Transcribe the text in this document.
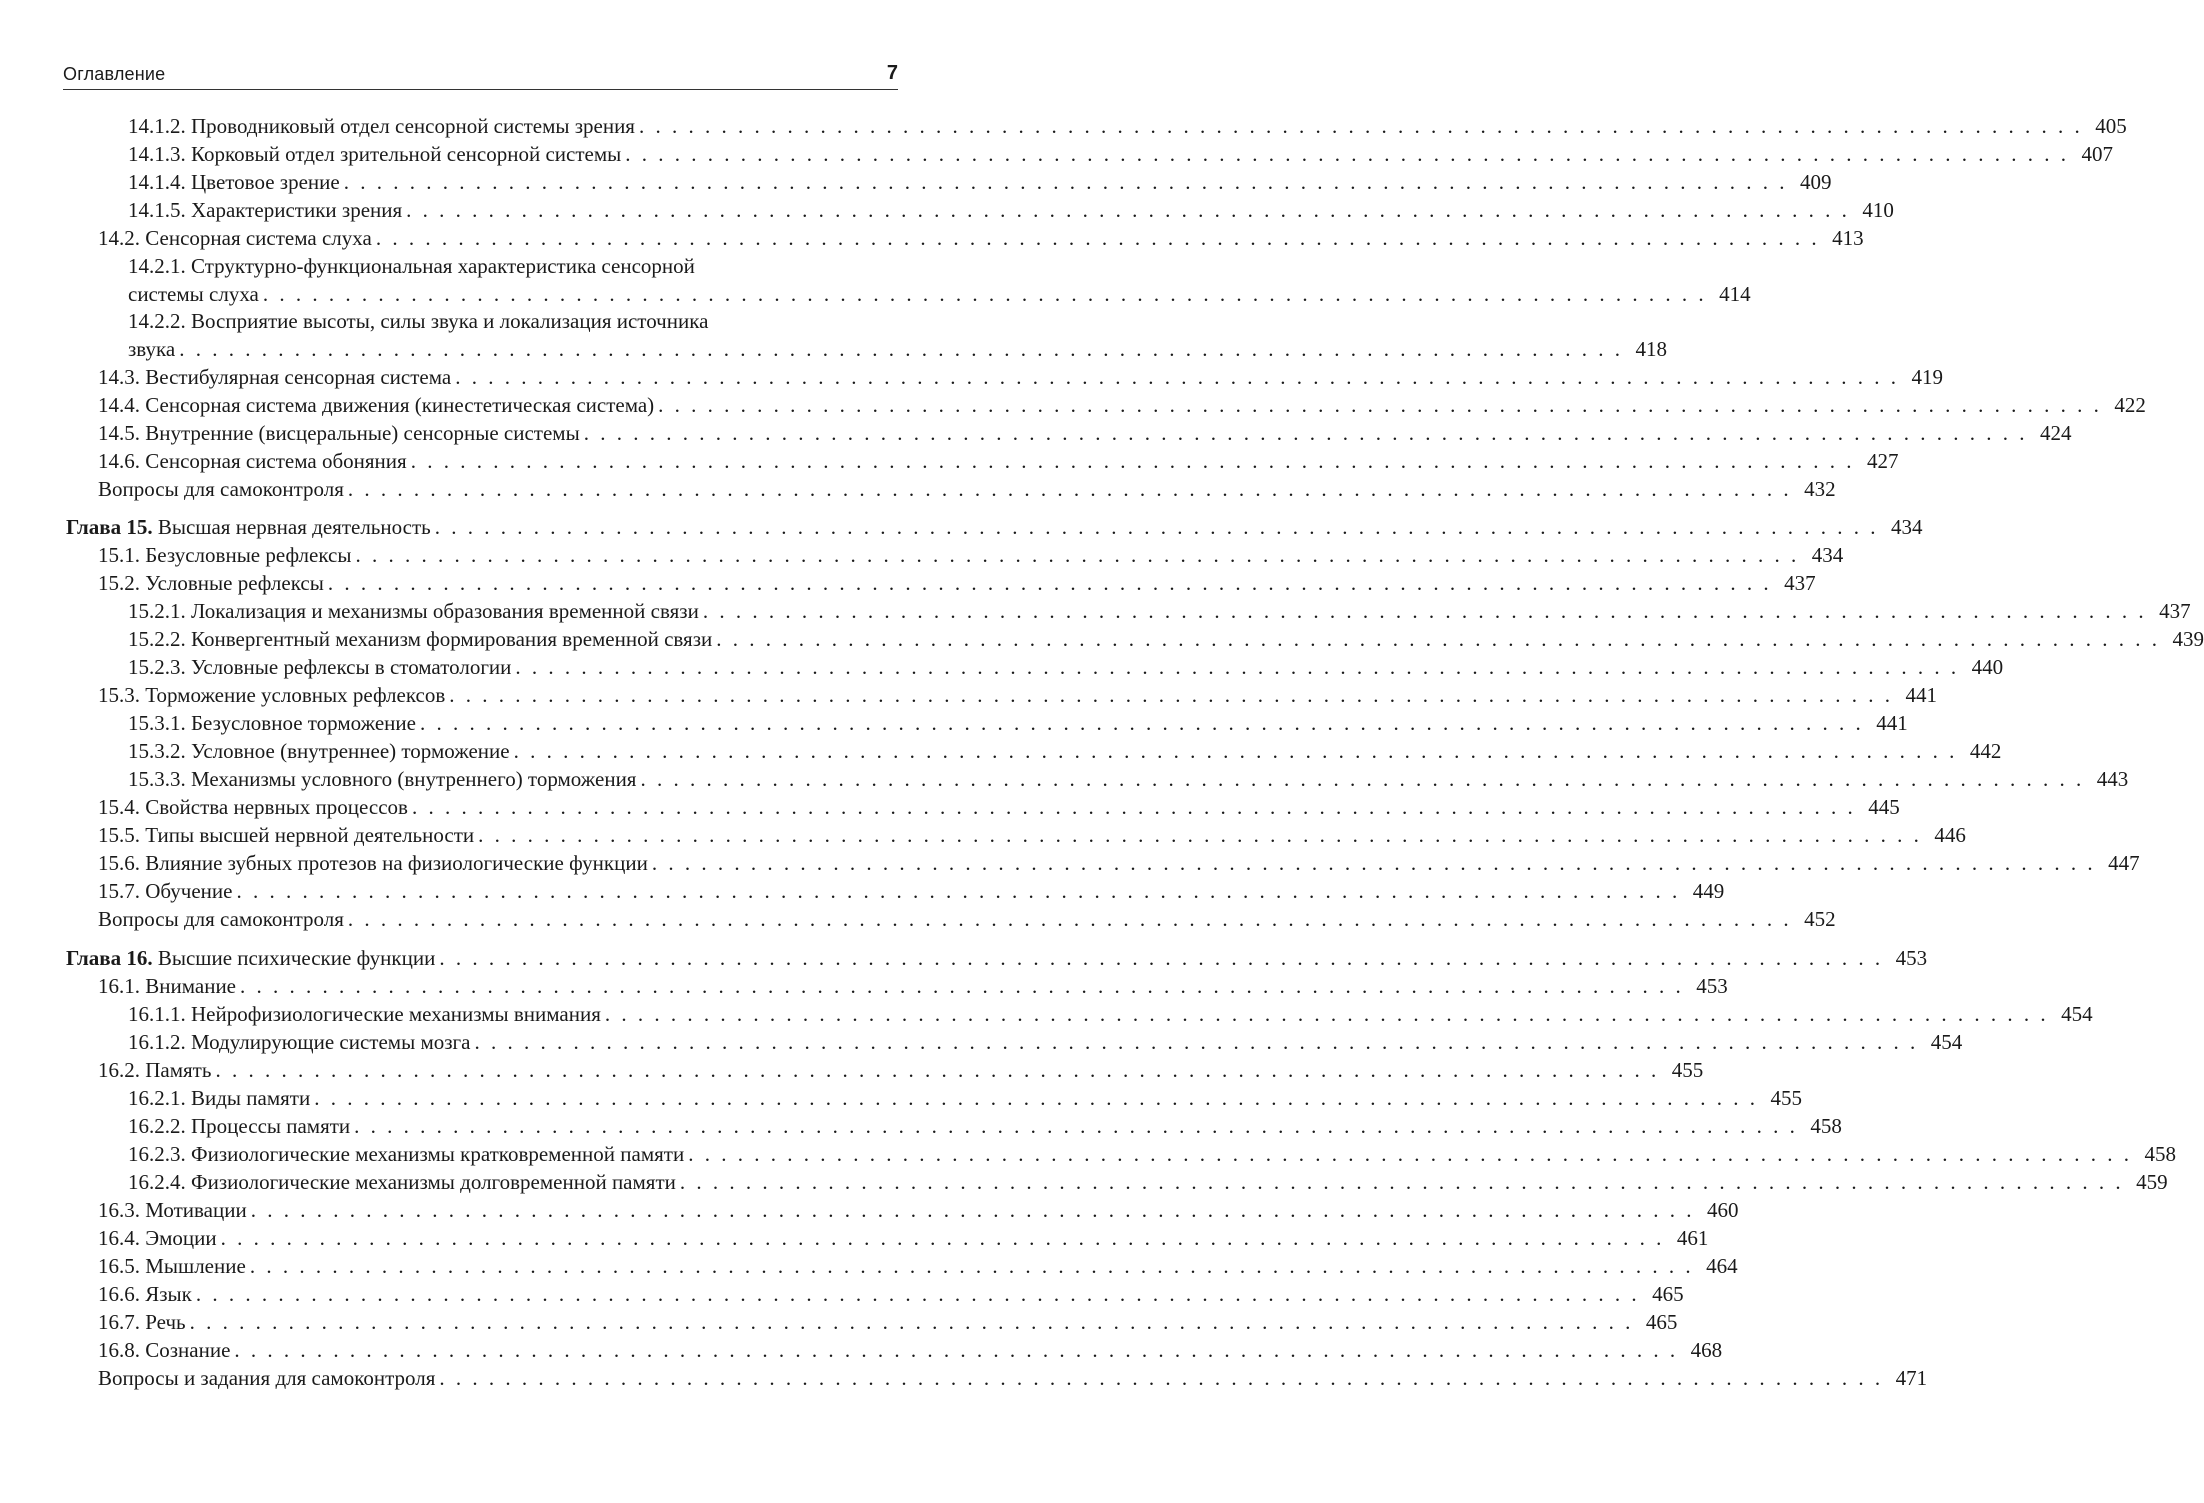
Оглавление	7
14.1.2. Проводниковый отдел сенсорной системы зрения . . . . . . . . . . . . . . . . . . . . . . . . . . . . . . . . . . . . . . . . . . . . . . . . . . . . . . . . . . . . . . . . . . . . . . . . . . . . . . . . . . . . . . . . 405
14.1.3. Корковый отдел зрительной сенсорной системы . . . . . . . . . . . . . . . . . . . . . . . . . . . . . . . . . . . . . . . . . . . . . . . . . . . . . . . . . . . . . . . . . . . . . . . . . . . . . . . . . . . . . . . . 407
14.1.4. Цветовое зрение . . . . . . . . . . . . . . . . . . . . . . . . . . . . . . . . . . . . . . . . . . . . . . . . . . . . . . . . . . . . . . . . . . . . . . . . . . . . . . . . . . . . . . . . 409
14.1.5. Характеристики зрения . . . . . . . . . . . . . . . . . . . . . . . . . . . . . . . . . . . . . . . . . . . . . . . . . . . . . . . . . . . . . . . . . . . . . . . . . . . . . . . . . . . . . . . . 410
14.2. Сенсорная система слуха . . . . . . . . . . . . . . . . . . . . . . . . . . . . . . . . . . . . . . . . . . . . . . . . . . . . . . . . . . . . . . . . . . . . . . . . . . . . . . . . . . . . . . . . 413
14.2.1. Структурно-функциональная характеристика сенсорной
системы слуха . . . . . . . . . . . . . . . . . . . . . . . . . . . . . . . . . . . . . . . . . . . . . . . . . . . . . . . . . . . . . . . . . . . . . . . . . . . . . . . . . . . . . . . . 414
14.2.2. Восприятие высоты, силы звука и локализация источника
звука . . . . . . . . . . . . . . . . . . . . . . . . . . . . . . . . . . . . . . . . . . . . . . . . . . . . . . . . . . . . . . . . . . . . . . . . . . . . . . . . . . . . . . . . 418
14.3. Вестибулярная сенсорная система . . . . . . . . . . . . . . . . . . . . . . . . . . . . . . . . . . . . . . . . . . . . . . . . . . . . . . . . . . . . . . . . . . . . . . . . . . . . . . . . . . . . . . . . 419
14.4. Сенсорная система движения (кинестетическая система) . . . . . . . . . . . . . . . . . . . . . . . . . . . . . . . . . . . . . . . . . . . . . . . . . . . . . . . . . . . . . . . . . . . . . . . . . . . . . . . . . . . . . . . . 422
14.5. Внутренние (висцеральные) сенсорные системы . . . . . . . . . . . . . . . . . . . . . . . . . . . . . . . . . . . . . . . . . . . . . . . . . . . . . . . . . . . . . . . . . . . . . . . . . . . . . . . . . . . . . . . . 424
14.6. Сенсорная система обоняния . . . . . . . . . . . . . . . . . . . . . . . . . . . . . . . . . . . . . . . . . . . . . . . . . . . . . . . . . . . . . . . . . . . . . . . . . . . . . . . . . . . . . . . . 427
Вопросы для самоконтроля . . . . . . . . . . . . . . . . . . . . . . . . . . . . . . . . . . . . . . . . . . . . . . . . . . . . . . . . . . . . . . . . . . . . . . . . . . . . . . . . . . . . . . . . 432
Глава 15.
Высшая нервная деятельность . . . . . . . . . . . . . . . . . . . . . . . . . . . . . . . . . . . . . . . . . . . . . . . . . . . . . . . . . . . . . . . . . . . . . . . . . . . . . . . . . . . . . . . . 434
15.1. Безусловные рефлексы . . . . . . . . . . . . . . . . . . . . . . . . . . . . . . . . . . . . . . . . . . . . . . . . . . . . . . . . . . . . . . . . . . . . . . . . . . . . . . . . . . . . . . . . 434
15.2. Условные рефлексы . . . . . . . . . . . . . . . . . . . . . . . . . . . . . . . . . . . . . . . . . . . . . . . . . . . . . . . . . . . . . . . . . . . . . . . . . . . . . . . . . . . . . . . . 437
15.2.1. Локализация и механизмы образования временной связи . . . . . . . . . . . . . . . . . . . . . . . . . . . . . . . . . . . . . . . . . . . . . . . . . . . . . . . . . . . . . . . . . . . . . . . . . . . . . . . . . . . . . . . . 437
15.2.2. Конвергентный механизм формирования временной связи . . . . . . . . . . . . . . . . . . . . . . . . . . . . . . . . . . . . . . . . . . . . . . . . . . . . . . . . . . . . . . . . . . . . . . . . . . . . . . . . . . . . . . . . 439
15.2.3. Условные рефлексы в стоматологии . . . . . . . . . . . . . . . . . . . . . . . . . . . . . . . . . . . . . . . . . . . . . . . . . . . . . . . . . . . . . . . . . . . . . . . . . . . . . . . . . . . . . . . . 440
15.3. Торможение условных рефлексов . . . . . . . . . . . . . . . . . . . . . . . . . . . . . . . . . . . . . . . . . . . . . . . . . . . . . . . . . . . . . . . . . . . . . . . . . . . . . . . . . . . . . . . . 441
15.3.1. Безусловное торможение . . . . . . . . . . . . . . . . . . . . . . . . . . . . . . . . . . . . . . . . . . . . . . . . . . . . . . . . . . . . . . . . . . . . . . . . . . . . . . . . . . . . . . . . 441
15.3.2. Условное (внутреннее) торможение . . . . . . . . . . . . . . . . . . . . . . . . . . . . . . . . . . . . . . . . . . . . . . . . . . . . . . . . . . . . . . . . . . . . . . . . . . . . . . . . . . . . . . . . 442
15.3.3. Механизмы условного (внутреннего) торможения . . . . . . . . . . . . . . . . . . . . . . . . . . . . . . . . . . . . . . . . . . . . . . . . . . . . . . . . . . . . . . . . . . . . . . . . . . . . . . . . . . . . . . . . 443
15.4. Свойства нервных процессов . . . . . . . . . . . . . . . . . . . . . . . . . . . . . . . . . . . . . . . . . . . . . . . . . . . . . . . . . . . . . . . . . . . . . . . . . . . . . . . . . . . . . . . . 445
15.5. Типы высшей нервной деятельности . . . . . . . . . . . . . . . . . . . . . . . . . . . . . . . . . . . . . . . . . . . . . . . . . . . . . . . . . . . . . . . . . . . . . . . . . . . . . . . . . . . . . . . . 446
15.6. Влияние зубных протезов на физиологические функции . . . . . . . . . . . . . . . . . . . . . . . . . . . . . . . . . . . . . . . . . . . . . . . . . . . . . . . . . . . . . . . . . . . . . . . . . . . . . . . . . . . . . . . . 447
15.7. Обучение . . . . . . . . . . . . . . . . . . . . . . . . . . . . . . . . . . . . . . . . . . . . . . . . . . . . . . . . . . . . . . . . . . . . . . . . . . . . . . . . . . . . . . . . 449
Вопросы для самоконтроля . . . . . . . . . . . . . . . . . . . . . . . . . . . . . . . . . . . . . . . . . . . . . . . . . . . . . . . . . . . . . . . . . . . . . . . . . . . . . . . . . . . . . . . . 452
Глава 16.
Высшие психические функции . . . . . . . . . . . . . . . . . . . . . . . . . . . . . . . . . . . . . . . . . . . . . . . . . . . . . . . . . . . . . . . . . . . . . . . . . . . . . . . . . . . . . . . . 453
16.1. Внимание . . . . . . . . . . . . . . . . . . . . . . . . . . . . . . . . . . . . . . . . . . . . . . . . . . . . . . . . . . . . . . . . . . . . . . . . . . . . . . . . . . . . . . . . 453
16.1.1. Нейрофизиологические механизмы внимания . . . . . . . . . . . . . . . . . . . . . . . . . . . . . . . . . . . . . . . . . . . . . . . . . . . . . . . . . . . . . . . . . . . . . . . . . . . . . . . . . . . . . . . . 454
16.1.2. Модулирующие системы мозга . . . . . . . . . . . . . . . . . . . . . . . . . . . . . . . . . . . . . . . . . . . . . . . . . . . . . . . . . . . . . . . . . . . . . . . . . . . . . . . . . . . . . . . . 454
16.2. Память . . . . . . . . . . . . . . . . . . . . . . . . . . . . . . . . . . . . . . . . . . . . . . . . . . . . . . . . . . . . . . . . . . . . . . . . . . . . . . . . . . . . . . . . 455
16.2.1. Виды памяти . . . . . . . . . . . . . . . . . . . . . . . . . . . . . . . . . . . . . . . . . . . . . . . . . . . . . . . . . . . . . . . . . . . . . . . . . . . . . . . . . . . . . . . . 455
16.2.2. Процессы памяти . . . . . . . . . . . . . . . . . . . . . . . . . . . . . . . . . . . . . . . . . . . . . . . . . . . . . . . . . . . . . . . . . . . . . . . . . . . . . . . . . . . . . . . . 458
16.2.3. Физиологические механизмы кратковременной памяти . . . . . . . . . . . . . . . . . . . . . . . . . . . . . . . . . . . . . . . . . . . . . . . . . . . . . . . . . . . . . . . . . . . . . . . . . . . . . . . . . . . . . . . . 458
16.2.4. Физиологические механизмы долговременной памяти . . . . . . . . . . . . . . . . . . . . . . . . . . . . . . . . . . . . . . . . . . . . . . . . . . . . . . . . . . . . . . . . . . . . . . . . . . . . . . . . . . . . . . . . 459
16.3. Мотивации . . . . . . . . . . . . . . . . . . . . . . . . . . . . . . . . . . . . . . . . . . . . . . . . . . . . . . . . . . . . . . . . . . . . . . . . . . . . . . . . . . . . . . . . 460
16.4. Эмоции . . . . . . . . . . . . . . . . . . . . . . . . . . . . . . . . . . . . . . . . . . . . . . . . . . . . . . . . . . . . . . . . . . . . . . . . . . . . . . . . . . . . . . . . 461
16.5. Мышление . . . . . . . . . . . . . . . . . . . . . . . . . . . . . . . . . . . . . . . . . . . . . . . . . . . . . . . . . . . . . . . . . . . . . . . . . . . . . . . . . . . . . . . . 464
16.6. Язык . . . . . . . . . . . . . . . . . . . . . . . . . . . . . . . . . . . . . . . . . . . . . . . . . . . . . . . . . . . . . . . . . . . . . . . . . . . . . . . . . . . . . . . . 465
16.7. Речь . . . . . . . . . . . . . . . . . . . . . . . . . . . . . . . . . . . . . . . . . . . . . . . . . . . . . . . . . . . . . . . . . . . . . . . . . . . . . . . . . . . . . . . . 465
16.8. Сознание . . . . . . . . . . . . . . . . . . . . . . . . . . . . . . . . . . . . . . . . . . . . . . . . . . . . . . . . . . . . . . . . . . . . . . . . . . . . . . . . . . . . . . . . 468
Вопросы и задания для самоконтроля . . . . . . . . . . . . . . . . . . . . . . . . . . . . . . . . . . . . . . . . . . . . . . . . . . . . . . . . . . . . . . . . . . . . . . . . . . . . . . . . . . . . . . . . 471
